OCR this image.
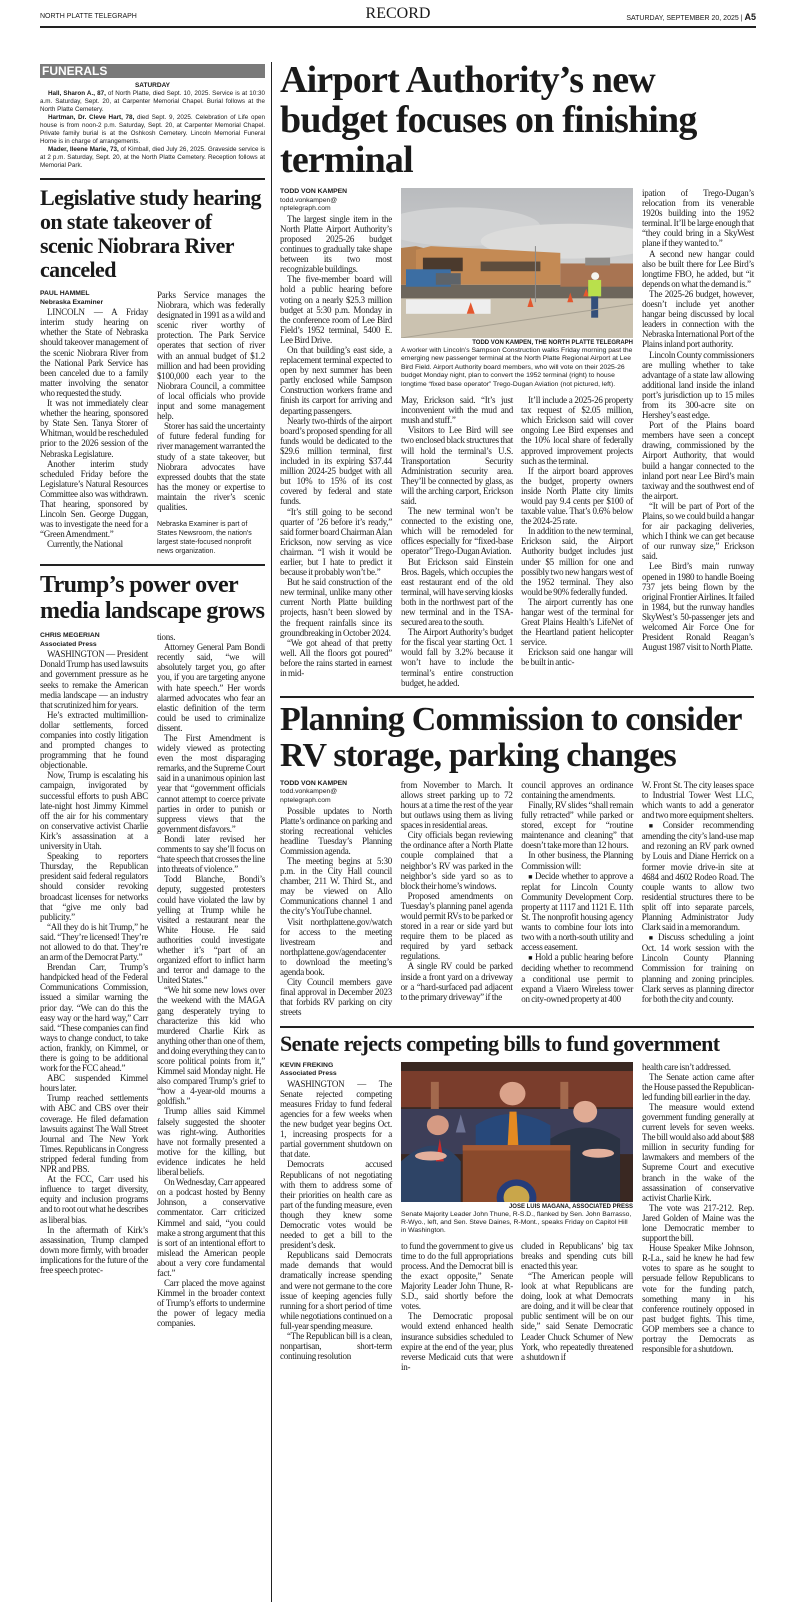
NORTH PLATTE TELEGRAPH	RECORD	SATURDAY, SEPTEMBER 20, 2025 | A5
FUNERALS
SATURDAY

Hall, Sharon A., 87, of North Platte, died Sept. 10, 2025. Service is at 10:30 a.m. Saturday, Sept. 20, at Carpenter Memorial Chapel. Burial follows at the North Platte Cemetery.

Hartman, Dr. Cleve Hart, 78, died Sept. 9, 2025. Celebration of Life open house is from noon-2 p.m. Saturday, Sept. 20, at Carpenter Memorial Chapel. Private family burial is at the Oshkosh Cemetery. Lincoln Memorial Funeral Home is in charge of arrangements.

Mader, Ileene Marie, 73, of Kimball, died July 26, 2025. Graveside service is at 2 p.m. Saturday, Sept. 20, at the North Platte Cemetery. Reception follows at Memorial Park.

Legislative study hearing on state takeover of scenic Niobrara River canceled
PAUL HAMMEL
Nebraska Examiner

LINCOLN — A Friday interim study hearing on whether the State of Nebraska should takeover management of the scenic Niobrara River from the National Park Service has been canceled due to a family matter involving the senator who requested the study.

It was not immediately clear whether the hearing, sponsored by State Sen. Tanya Storer of Whitman, would be rescheduled prior to the 2026 session of the Nebraska Legislature.

Another interim study scheduled Friday before the Legislature’s Natural Resources Committee also was withdrawn. That hearing, sponsored by Lincoln Sen. George Duggan, was to investigate the need for a “Green Amendment.”

Currently, the National

Parks Service manages the Niobrara, which was federally designated in 1991 as a wild and scenic river worthy of protection. The Park Service operates that section of river with an annual budget of $1.2 million and had been providing $100,000 each year to the Niobrara Council, a committee of local officials who provide input and some management help.

Storer has said the uncertainty of future federal funding for river management warranted the study of a state takeover, but Niobrara advocates have expressed doubts that the state has the money or expertise to maintain the river’s scenic qualities.

Nebraska Examiner is part of States Newsroom, the nation’s largest state-focused nonprofit news organization.
Trump’s power over media landscape grows
CHRIS MEGERIAN
Associated Press

WASHINGTON — President Donald Trump has used lawsuits and government pressure as he seeks to remake the American media landscape — an industry that scrutinized him for years.

He’s extracted multimillion-dollar settlements, forced companies into costly litigation and prompted changes to programming that he found objectionable.

Now, Trump is escalating his campaign, invigorated by successful efforts to push ABC late-night host Jimmy Kimmel off the air for his commentary on conservative activist Charlie Kirk’s assassination at a university in Utah.

Speaking to reporters Thursday, the Republican president said federal regulators should consider revoking broadcast licenses for networks that “give me only bad publicity.”

“All they do is hit Trump,” he said. “They’re licensed! They’re not allowed to do that. They’re an arm of the Democrat Party.”

Brendan Carr, Trump’s handpicked head of the Federal Communications Commission, issued a similar warning the prior day. “We can do this the easy way or the hard way,” Carr said. “These companies can find ways to change conduct, to take action, frankly, on Kimmel, or there is going to be additional work for the FCC ahead.”

ABC suspended Kimmel hours later.

Trump reached settlements with ABC and CBS over their coverage. He filed defamation lawsuits against The Wall Street Journal and The New York Times. Republicans in Congress stripped federal funding from NPR and PBS.

At the FCC, Carr used his influence to target diversity, equity and inclusion programs and to root out what he describes as liberal bias.

In the aftermath of Kirk’s assassination, Trump clamped down more firmly, with broader implications for the future of the free speech protec-

tions.

Attorney General Pam Bondi recently said, “we will absolutely target you, go after you, if you are targeting anyone with hate speech.” Her words alarmed advocates who fear an elastic definition of the term could be used to criminalize dissent.

The First Amendment is widely viewed as protecting even the most disparaging remarks, and the Supreme Court said in a unanimous opinion last year that “government officials cannot attempt to coerce private parties in order to punish or suppress views that the government disfavors.”

Bondi later revised her comments to say she’ll focus on “hate speech that crosses the line into threats of violence.”

Todd Blanche, Bondi’s deputy, suggested protesters could have violated the law by yelling at Trump while he visited a restaurant near the White House. He said authorities could investigate whether it’s “part of an organized effort to inflict harm and terror and damage to the United States.”

“We hit some new lows over the weekend with the MAGA gang desperately trying to characterize this kid who murdered Charlie Kirk as anything other than one of them, and doing everything they can to score political points from it,” Kimmel said Monday night. He also compared Trump’s grief to “how a 4-year-old mourns a goldfish.”

Trump allies said Kimmel falsely suggested the shooter was right-wing. Authorities have not formally presented a motive for the killing, but evidence indicates he held liberal beliefs.

On Wednesday, Carr appeared on a podcast hosted by Benny Johnson, a conservative commentator. Carr criticized Kimmel and said, “you could make a strong argument that this is sort of an intentional effort to mislead the American people about a very core fundamental fact.”

Carr placed the move against Kimmel in the broader context of Trump’s efforts to undermine the power of legacy media companies.

Airport Authority’s new budget focuses on finishing terminal
TODD VON KAMPEN
todd.vonkampen@
nptelegraph.com

The largest single item in the North Platte Airport Authority’s proposed 2025-26 budget continues to gradually take shape between its two most recognizable buildings.

The five-member board will hold a public hearing before voting on a nearly $25.3 million budget at 5:30 p.m. Monday in the conference room of Lee Bird Field’s 1952 terminal, 5400 E. Lee Bird Drive.

On that building’s east side, a replacement terminal expected to open by next summer has been partly enclosed while Sampson Construction workers frame and finish its carport for arriving and departing passengers.

Nearly two-thirds of the airport board’s proposed spending for all funds would be dedicated to the $29.6 million terminal, first included in its expiring $37.44 million 2024-25 budget with all but 10% to 15% of its cost covered by federal and state funds.

“It’s still going to be second quarter of ’26 before it’s ready,” said former board Chairman Alan Erickson, now serving as vice chairman. “I wish it would be earlier, but I hate to predict it because it probably won’t be.”

But he said construction of the new terminal, unlike many other current North Platte building projects, hasn’t been slowed by the frequent rainfalls since its groundbreaking in October 2024.

“We got ahead of that pretty well. All the floors got poured” before the rains started in earnest in mid-

TODD VON KAMPEN, THE NORTH PLATTE TELEGRAPH
A worker with Lincoln’s Sampson Construction walks Friday morning past the emerging new passenger terminal at the North Platte Regional Airport at Lee Bird Field. Airport Authority board members, who will vote on their 2025-26 budget Monday night, plan to convert the 1952 terminal (right) to house longtime “fixed base operator” Trego-Dugan Aviation (not pictured, left).

May, Erickson said. “It’s just inconvenient with the mud and mush and stuff.”

Visitors to Lee Bird will see two enclosed black structures that will hold the terminal’s U.S. Transportation Security Administration security area. They’ll be connected by glass, as will the arching carport, Erickson said.

The new terminal won’t be connected to the existing one, which will be remodeled for offices especially for “fixed-base operator” Trego-Dugan Aviation.

But Erickson said Einstein Bros. Bagels, which occupies the east restaurant end of the old terminal, will have serving kiosks both in the northwest part of the new terminal and in the TSA-secured area to the south.

The Airport Authority’s budget for the fiscal year starting Oct. 1 would fall by 3.2% because it won’t have to include the terminal’s entire construction budget, he added.

It’ll include a 2025-26 property tax request of $2.05 million, which Erickson said will cover ongoing Lee Bird expenses and the 10% local share of federally approved improvement projects such as the terminal.

If the airport board approves the budget, property owners inside North Platte city limits would pay 9.4 cents per $100 of taxable value. That’s 0.6% below the 2024-25 rate.

In addition to the new terminal, Erickson said, the Airport Authority budget includes just under $5 million for one and possibly two new hangars west of the 1952 terminal. They also would be 90% federally funded.

The airport currently has one hangar west of the terminal for Great Plains Health’s LifeNet of the Heartland patient helicopter service.

Erickson said one hangar will be built in antic-

ipation of Trego-Dugan’s relocation from its venerable 1920s building into the 1952 terminal. It’ll be large enough that “they could bring in a SkyWest plane if they wanted to.”

A second new hangar could also be built there for Lee Bird’s longtime FBO, he added, but “it depends on what the demand is.”

The 2025-26 budget, however, doesn’t include yet another hangar being discussed by local leaders in connection with the Nebraska International Port of the Plains inland port authority.

Lincoln County commissioners are mulling whether to take advantage of a state law allowing additional land inside the inland port’s jurisdiction up to 15 miles from its 300-acre site on Hershey’s east edge.

Port of the Plains board members have seen a concept drawing, commissioned by the Airport Authority, that would build a hangar connected to the inland port near Lee Bird’s main taxiway and the southwest end of the airport.

“It will be part of Port of the Plains, so we could build a hangar for air packaging deliveries, which I think we can get because of our runway size,” Erickson said.

Lee Bird’s main runway opened in 1980 to handle Boeing 737 jets being flown by the original Frontier Airlines. It failed in 1984, but the runway handles SkyWest’s 50-passenger jets and welcomed Air Force One for President Ronald Reagan’s August 1987 visit to North Platte.

Planning Commission to consider
RV storage, parking changes
TODD VON KAMPEN
todd.vonkampen@
nptelegraph.com

Possible updates to North Platte’s ordinance on parking and storing recreational vehicles headline Tuesday’s Planning Commission agenda.

The meeting begins at 5:30 p.m. in the City Hall council chamber, 211 W. Third St., and may be viewed on Allo Communications channel 1 and the city’s YouTube channel.

Visit northplattene.gov/watch for access to the meeting livestream and northplattene.gov/agendacenter to download the meeting’s agenda book.

City Council members gave final approval in December 2023 that forbids RV parking on city streets

from November to March. It allows street parking up to 72 hours at a time the rest of the year but outlaws using them as living spaces in residential areas.

City officials began reviewing the ordinance after a North Platte couple complained that a neighbor’s RV was parked in the neighbor’s side yard so as to block their home’s windows.

Proposed amendments on Tuesday’s planning panel agenda would permit RVs to be parked or stored in a rear or side yard but require them to be placed as required by yard setback regulations.

A single RV could be parked inside a front yard on a driveway or a “hard-surfaced pad adjacent to the primary driveway” if the

council approves an ordinance containing the amendments.

Finally, RV slides “shall remain fully retracted” while parked or stored, except for “routine maintenance and cleaning” that doesn’t take more than 12 hours.

In other business, the Planning Commission will:

■ Decide whether to approve a replat for Lincoln County Community Development Corp. property at 1117 and 1121 E. 11th St. The nonprofit housing agency wants to combine four lots into two with a north-south utility and access easement.

■ Hold a public hearing before deciding whether to recommend a conditional use permit to expand a Viaero Wireless tower on city-owned property at 400

W. Front St. The city leases space to Industrial Tower West LLC, which wants to add a generator and two more equipment shelters.

■ Consider recommending amending the city’s land-use map and rezoning an RV park owned by Louis and Diane Herrick on a former movie drive-in site at 4684 and 4602 Rodeo Road. The couple wants to allow two residential structures there to be split off into separate parcels, Planning Administrator Judy Clark said in a memorandum.

■ Discuss scheduling a joint Oct. 14 work session with the Lincoln County Planning Commission for training on planning and zoning principles. Clark serves as planning director for both the city and county.

Senate rejects competing bills to fund government
KEVIN FREKING
Associated Press

WASHINGTON — The Senate rejected competing measures Friday to fund federal agencies for a few weeks when the new budget year begins Oct. 1, increasing prospects for a partial government shutdown on that date.

Democrats accused Republicans of not negotiating with them to address some of their priorities on health care as part of the funding measure, even though they knew some Democratic votes would be needed to get a bill to the president’s desk.

Republicans said Democrats made demands that would dramatically increase spending and were not germane to the core issue of keeping agencies fully running for a short period of time while negotiations continued on a full-year spending measure.

“The Republican bill is a clean, nonpartisan, short-term continuing resolution

JOSE LUIS MAGANA, ASSOCIATED PRESS
Senate Majority Leader John Thune, R-S.D., flanked by Sen. John Barrasso, R-Wyo., left, and Sen. Steve Daines, R-Mont., speaks Friday on Capitol Hill in Washington.

to fund the government to give us time to do the full appropriations process. And the Democrat bill is the exact opposite,” Senate Majority Leader John Thune, R-S.D., said shortly before the votes.

The Democratic proposal would extend enhanced health insurance subsidies scheduled to expire at the end of the year, plus reverse Medicaid cuts that were in-

cluded in Republicans’ big tax breaks and spending cuts bill enacted this year.

“The American people will look at what Republicans are doing, look at what Democrats are doing, and it will be clear that public sentiment will be on our side,” said Senate Democratic Leader Chuck Schumer of New York, who repeatedly threatened a shutdown if

health care isn’t addressed.

The Senate action came after the House passed the Republican-led funding bill earlier in the day.

The measure would extend government funding generally at current levels for seven weeks. The bill would also add about $88 million in security funding for lawmakers and members of the Supreme Court and executive branch in the wake of the assassination of conservative activist Charlie Kirk.

The vote was 217-212. Rep. Jared Golden of Maine was the lone Democratic member to support the bill.

House Speaker Mike Johnson, R-La., said he knew he had few votes to spare as he sought to persuade fellow Republicans to vote for the funding patch, something many in his conference routinely opposed in past budget fights. This time, GOP members see a chance to portray the Democrats as responsible for a shutdown.
